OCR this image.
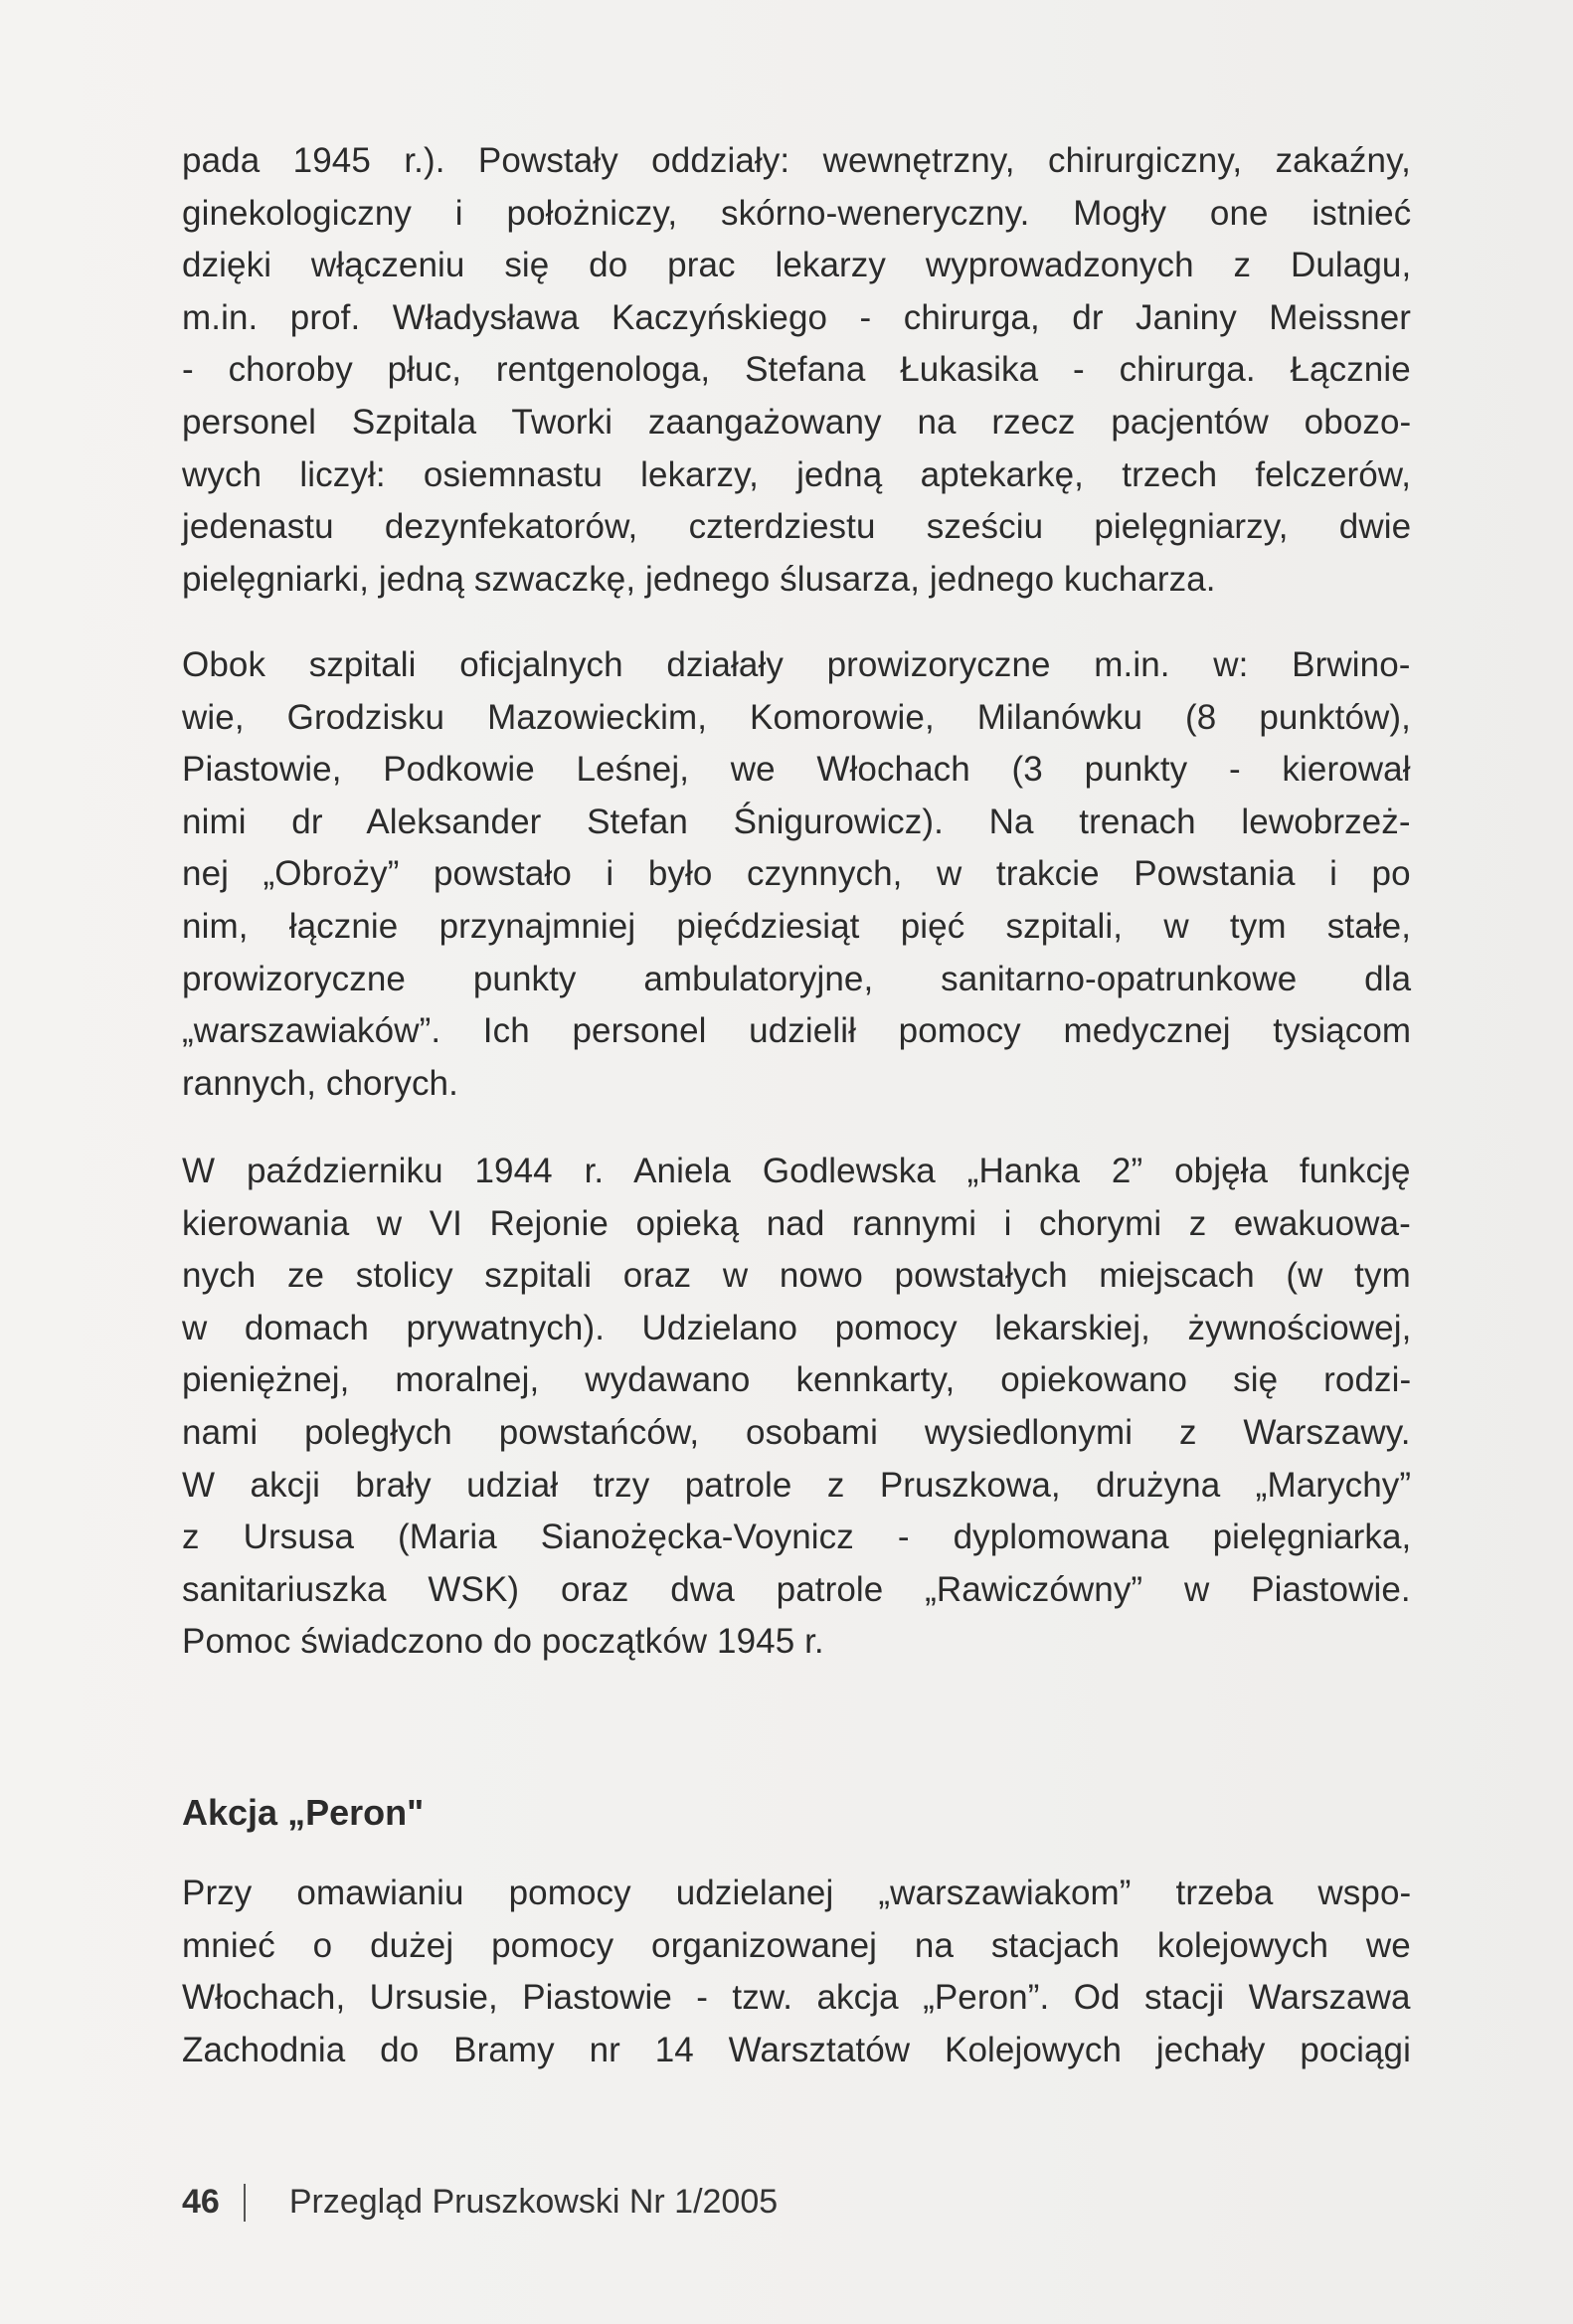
pada 1945 r.). Powstały oddziały: wewnętrzny, chirurgiczny, zakaźny,
ginekologiczny i położniczy, skórno-weneryczny. Mogły one istnieć
dzięki włączeniu się do prac lekarzy wyprowadzonych z Dulagu,
m.in. prof. Władysława Kaczyńskiego - chirurga, dr Janiny Meissner
- choroby płuc, rentgenologa, Stefana Łukasika - chirurga. Łącznie
personel Szpitala Tworki zaangażowany na rzecz pacjentów obozo-
wych liczył: osiemnastu lekarzy, jedną aptekarkę, trzech felczerów,
jedenastu dezynfekatorów, czterdziestu sześciu pielęgniarzy, dwie
pielęgniarki, jedną szwaczkę, jednego ślusarza, jednego kucharza.
Obok szpitali oficjalnych działały prowizoryczne m.in. w: Brwino-
wie, Grodzisku Mazowieckim, Komorowie, Milanówku (8 punktów),
Piastowie, Podkowie Leśnej, we Włochach (3 punkty - kierował
nimi dr Aleksander Stefan Śnigurowicz). Na trenach lewobrzeż-
nej „Obroży” powstało i było czynnych, w trakcie Powstania i po
nim, łącznie przynajmniej pięćdziesiąt pięć szpitali, w tym stałe,
prowizoryczne punkty ambulatoryjne, sanitarno-opatrunkowe dla
„warszawiaków”. Ich personel udzielił pomocy medycznej tysiącom
rannych, chorych.
W październiku 1944 r. Aniela Godlewska „Hanka 2” objęła funkcję
kierowania w VI Rejonie opieką nad rannymi i chorymi z ewakuowa-
nych ze stolicy szpitali oraz w nowo powstałych miejscach (w tym
w domach prywatnych). Udzielano pomocy lekarskiej, żywnościowej,
pieniężnej, moralnej, wydawano kennkarty, opiekowano się rodzi-
nami poległych powstańców, osobami wysiedlonymi z Warszawy.
W akcji brały udział trzy patrole z Pruszkowa, drużyna „Marychy”
z Ursusa (Maria Sianożęcka-Voynicz - dyplomowana pielęgniarka,
sanitariuszka WSK) oraz dwa patrole „Rawiczówny” w Piastowie.
Pomoc świadczono do początków 1945 r.
Akcja „Peron"
Przy omawianiu pomocy udzielanej „warszawiakom” trzeba wspo-
mnieć o dużej pomocy organizowanej na stacjach kolejowych we
Włochach, Ursusie, Piastowie - tzw. akcja „Peron”. Od stacji Warszawa
Zachodnia do Bramy nr 14 Warsztatów Kolejowych jechały pociągi
46 Przegląd Pruszkowski Nr 1/2005
